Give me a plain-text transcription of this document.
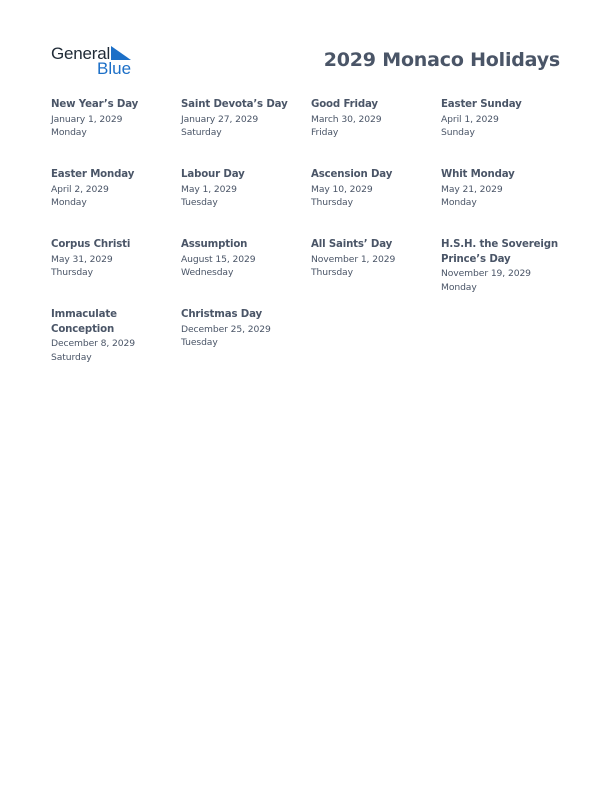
General
Blue	2029 Monaco Holidays
New Year’s Day
January 1, 2029
Monday
Saint Devota’s Day
January 27, 2029
Saturday
Good Friday
March 30, 2029
Friday
Easter Sunday
April 1, 2029
Sunday
Easter Monday
April 2, 2029
Monday
Labour Day
May 1, 2029
Tuesday
Ascension Day
May 10, 2029
Thursday
Whit Monday
May 21, 2029
Monday
Corpus Christi
May 31, 2029
Thursday
Assumption
August 15, 2029
Wednesday
All Saints’ Day
November 1, 2029
Thursday
H.S.H. the Sovereign Prince’s Day
November 19, 2029
Monday
Immaculate Conception
December 8, 2029
Saturday
Christmas Day
December 25, 2029
Tuesday
